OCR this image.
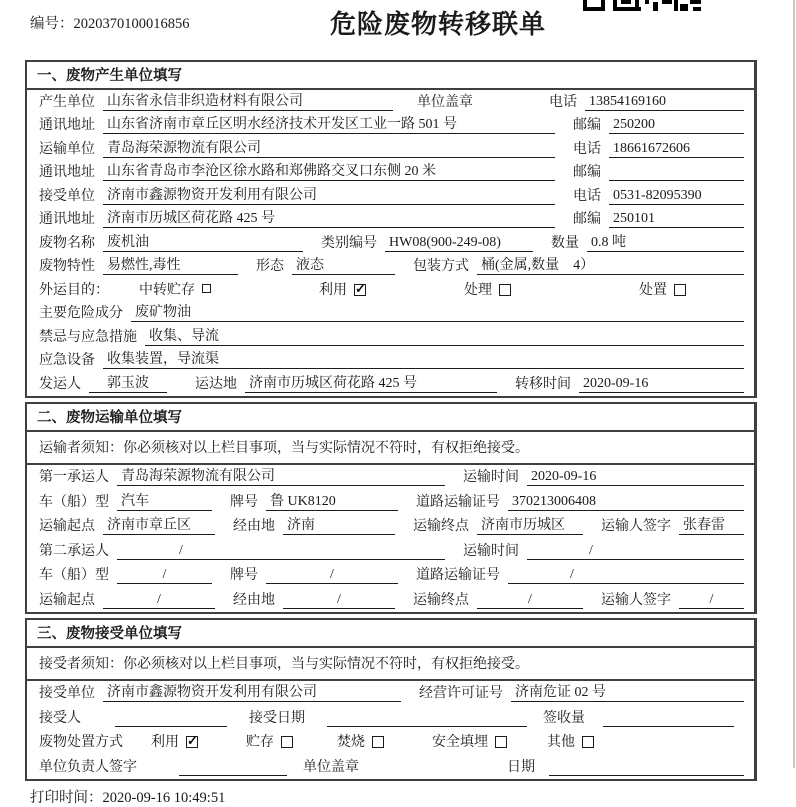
编号：2020370100016856	危险废物转移联单
一、废物产生单位填写
产生单位 山东省永信非织造材料有限公司	单位盖章	电话 13854169160
通讯地址 山东省济南市章丘区明水经济技术开发区工业一路 501 号	邮编 250200
运输单位 青岛海荣源物流有限公司	电话 18661672606
通讯地址 山东省青岛市李沧区徐水路和郑佛路交叉口东侧 20 米	邮编
接受单位 济南市鑫源物资开发利用有限公司	电话 0531-82095390
通讯地址 济南市历城区荷花路 425 号	邮编 250101
废物名称 废机油	类别编号 HW08(900-249-08)	数量 0.8 吨
废物特性 易燃性,毒性	形态 液态	包装方式 桶(金属,数量　4）
外运目的： 中转贮存	利用 ✓	处理	处置
主要危险成分 废矿物油
禁忌与应急措施 收集、导流
应急设备 收集装置，导流渠
发运人	郭玉波	运达地 济南市历城区荷花路 425 号	转移时间 2020-09-16
二、废物运输单位填写
运输者须知：你必须核对以上栏目事项，当与实际情况不符时，有权拒绝接受。
第一承运人 青岛海荣源物流有限公司	运输时间 2020-09-16
车（船）型 汽车	牌号 鲁 UK8120	道路运输证号 370213006408
运输起点 济南市章丘区	经由地 济南	运输终点 济南市历城区	运输人签字 张春雷
第二承运人	/	运输时间	/
车（船）型	/	牌号	/	道路运输证号	/
运输起点	/	经由地	/	运输终点	/	运输人签字	/
三、废物接受单位填写
接受者须知：你必须核对以上栏目事项，当与实际情况不符时，有权拒绝接受。
接受单位 济南市鑫源物资开发利用有限公司	经营许可证号 济南危证 02 号
接受人	接受日期	签收量
废物处置方式 利用 ✓	贮存	焚烧	安全填埋	其他
单位负责人签字	单位盖章	日期
打印时间：2020-09-16 10:49:51
